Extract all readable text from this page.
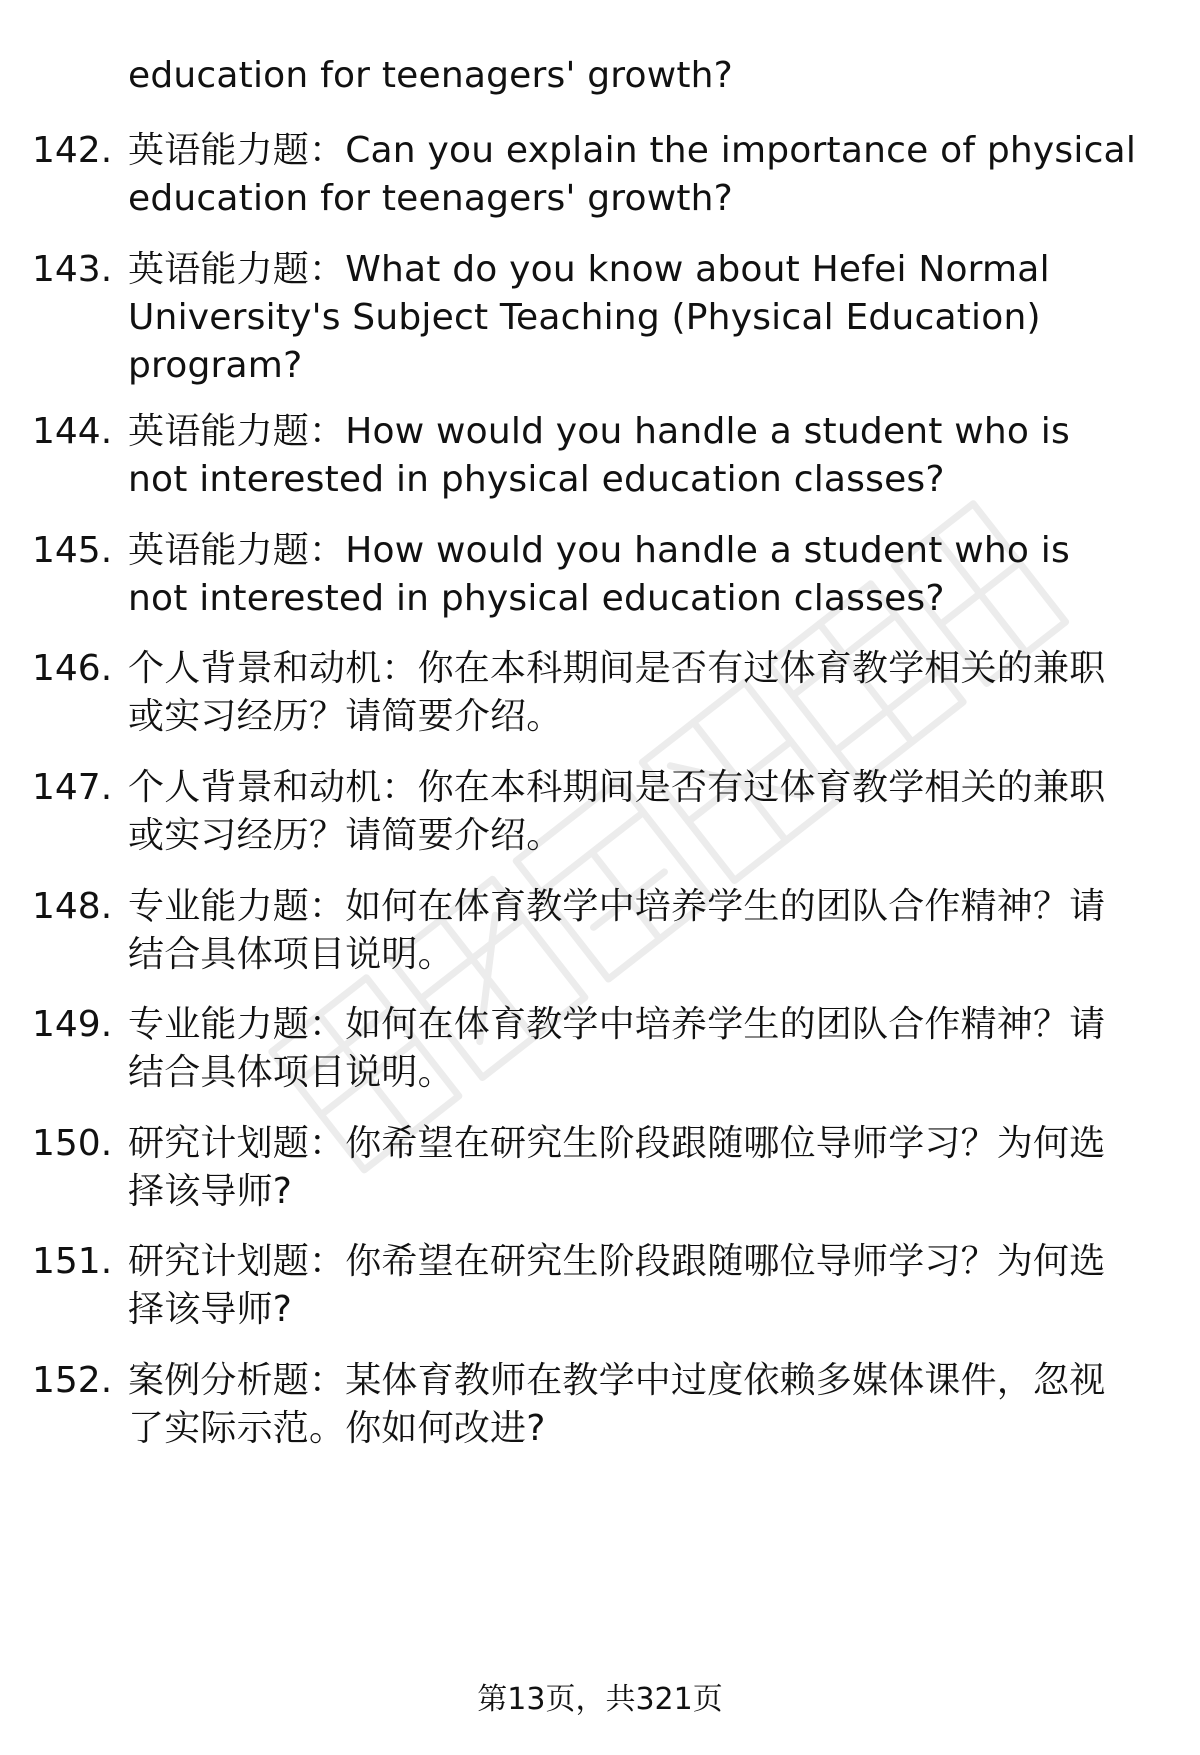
education for teenagers' growth?
142. 英语能力题：Can you explain the importance of physical education for teenagers' growth?
143. 英语能力题：What do you know about Hefei Normal University's Subject Teaching (Physical Education) program?
144. 英语能力题：How would you handle a student who is not interested in physical education classes?
145. 英语能力题：How would you handle a student who is not interested in physical education classes?
146. 个人背景和动机：你在本科期间是否有过体育教学相关的兼职或实习经历？请简要介绍。
147. 个人背景和动机：你在本科期间是否有过体育教学相关的兼职或实习经历？请简要介绍。
148. 专业能力题：如何在体育教学中培养学生的团队合作精神？请结合具体项目说明。
149. 专业能力题：如何在体育教学中培养学生的团队合作精神？请结合具体项目说明。
150. 研究计划题：你希望在研究生阶段跟随哪位导师学习？为何选择该导师?
151. 研究计划题：你希望在研究生阶段跟随哪位导师学习？为何选择该导师?
152. 案例分析题：某体育教师在教学中过度依赖多媒体课件，忽视了实际示范。你如何改进?
第13页，共321页
